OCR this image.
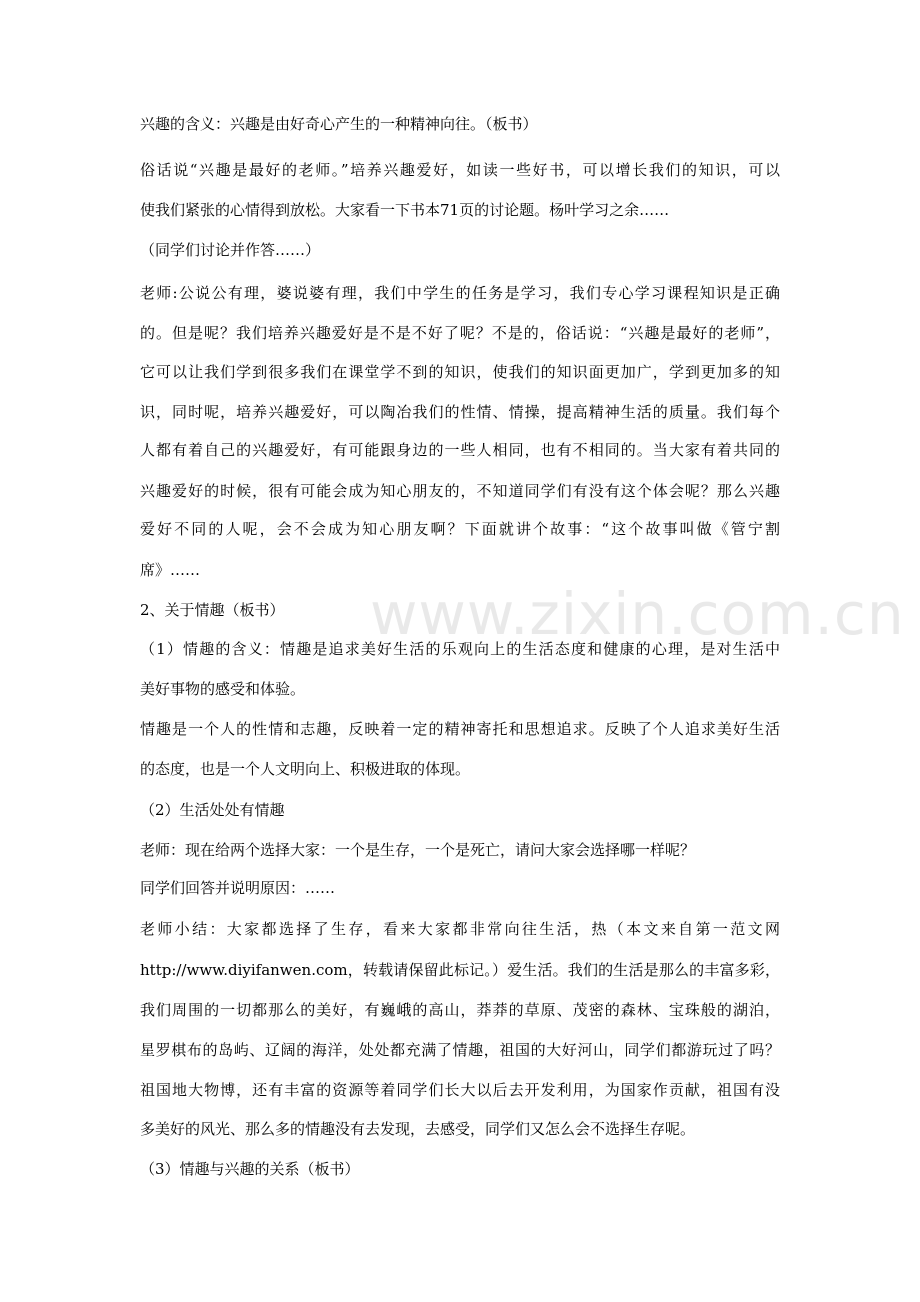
www.zixin.com.cn

兴趣的含义：兴趣是由好奇心产生的一种精神向往。（板书）

俗话说“兴趣是最好的老师。”培养兴趣爱好，如读一些好书，可以增长我们的知识，可以

使我们紧张的心情得到放松。大家看一下书本71页的讨论题。杨叶学习之余……

（同学们讨论并作答……）

老师:公说公有理，婆说婆有理，我们中学生的任务是学习，我们专心学习课程知识是正确

的。但是呢？我们培养兴趣爱好是不是不好了呢？不是的，俗话说：“兴趣是最好的老师”，

它可以让我们学到很多我们在课堂学不到的知识，使我们的知识面更加广，学到更加多的知

识，同时呢，培养兴趣爱好，可以陶冶我们的性情、情操，提高精神生活的质量。我们每个

人都有着自己的兴趣爱好，有可能跟身边的一些人相同，也有不相同的。当大家有着共同的

兴趣爱好的时候，很有可能会成为知心朋友的，不知道同学们有没有这个体会呢？那么兴趣

爱好不同的人呢，会不会成为知心朋友啊？下面就讲个故事：“这个故事叫做《管宁割

席》……

2、关于情趣（板书）

（1）情趣的含义：情趣是追求美好生活的乐观向上的生活态度和健康的心理，是对生活中

美好事物的感受和体验。

情趣是一个人的性情和志趣，反映着一定的精神寄托和思想追求。反映了个人追求美好生活

的态度，也是一个人文明向上、积极进取的体现。

（2）生活处处有情趣

老师：现在给两个选择大家：一个是生存，一个是死亡，请问大家会选择哪一样呢？

同学们回答并说明原因：……

老师小结：大家都选择了生存，看来大家都非常向往生活，热（本文来自第一范文网

http://www.diyifanwen.com，转载请保留此标记。）爱生活。我们的生活是那么的丰富多彩，

我们周围的一切都那么的美好，有巍峨的高山，莽莽的草原、茂密的森林、宝珠般的湖泊，

星罗棋布的岛屿、辽阔的海洋，处处都充满了情趣，祖国的大好河山，同学们都游玩过了吗？

祖国地大物博，还有丰富的资源等着同学们长大以后去开发利用，为国家作贡献，祖国有没

多美好的风光、那么多的情趣没有去发现，去感受，同学们又怎么会不选择生存呢。

（3）情趣与兴趣的关系（板书）
